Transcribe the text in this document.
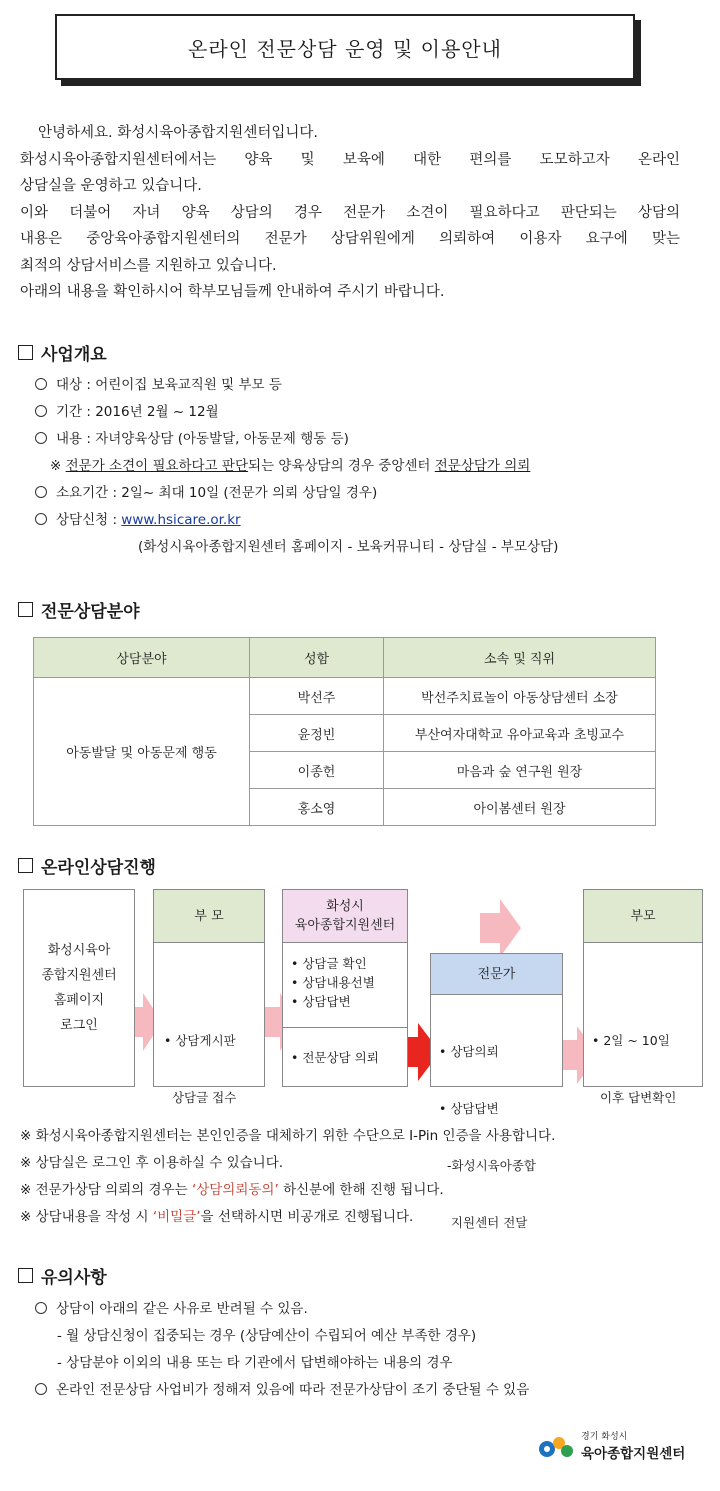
온라인 전문상담 운영 및 이용안내

안녕하세요. 화성시육아종합지원센터입니다.

화성시육아종합지원센터에서는 양육 및 보육에 대한 편의를 도모하고자 온라인

상담실을 운영하고 있습니다.

이와 더불어 자녀 양육 상담의 경우 전문가 소견이 필요하다고 판단되는 상담의

내용은 중앙육아종합지원센터의 전문가 상담위원에게 의뢰하여 이용자 요구에 맞는

최적의 상담서비스를 지원하고 있습니다.

아래의 내용을 확인하시어 학부모님들께 안내하여 주시기 바랍니다.

사업개요
대상 : 어린이집 보육교직원 및 부모 등
기간 : 2016년 2월 ~ 12월
내용 : 자녀양육상담 (아동발달, 아동문제 행동 등)
※ 전문가 소견이 필요하다고 판단되는 양육상담의 경우 중앙센터 전문상담가 의뢰
소요기간 : 2일~ 최대 10일 (전문가 의뢰 상담일 경우)
상담신청 : www.hsicare.or.kr
(화성시육아종합지원센터 홈페이지 - 보육커뮤니티 - 상담실 - 부모상담)
전문상담분야
상담분야	성함	소속 및 직위
아동발달 및 아동문제 행동	박선주	박선주치료놀이 아동상담센터 소장
	윤정빈	부산여자대학교 유아교육과 초빙교수
	이종헌	마음과 숲 연구원 원장
	홍소영	아이봄센터 원장
온라인상담진행
화성시육아
종합지원센터
홈페이지
로그인
부 모

• 상담게시판

상담글 접수

화성시
육아종합지원센터
• 상담글 확인
• 상담내용선별
• 상담답변
• 전문상담 의뢰
전문가

• 상담의뢰

• 상담답변

-화성시육아종합

지원센터 전달

부모

• 2일 ~ 10일

이후 답변확인

※ 화성시육아종합지원센터는 본인인증을 대체하기 위한 수단으로 I-Pin 인증을 사용합니다.
※ 상담실은 로그인 후 이용하실 수 있습니다.
※ 전문가상담 의뢰의 경우는 ‘상담의뢰동의’ 하신분에 한해 진행 됩니다.
※ 상담내용을 작성 시 ‘비밀글’을 선택하시면 비공개로 진행됩니다.
유의사항
상담이 아래의 같은 사유로 반려될 수 있음.
- 월 상담신청이 집중되는 경우 (상담예산이 수립되어 예산 부족한 경우)
- 상담분야 이외의 내용 또는 타 기관에서 답변해야하는 내용의 경우
온라인 전문상담 사업비가 정해져 있음에 따라 전문가상담이 조기 중단될 수 있음
경기 화성시
육아종합지원센터
